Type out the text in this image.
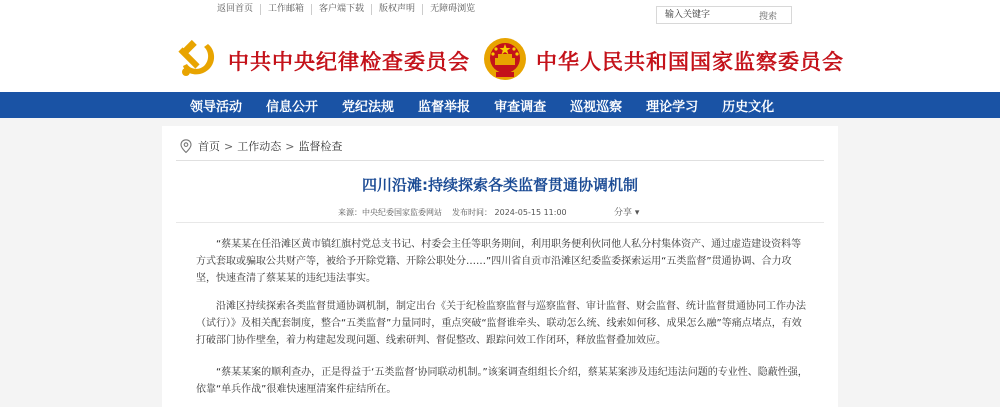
返回首页	工作邮箱	客户端下载	版权声明	无障碍浏览
输入关键字
搜索
中共中央纪律检查委员会	中华人民共和国国家监察委员会
领导活动 信息公开 党纪法规 监督举报 审查调查 巡视巡察 理论学习 历史文化
首页 > 工作动态 > 监督检查
四川沿滩:持续探索各类监督贯通协调机制
来源：中央纪委国家监委网站 发布时间： 2024-05-15 11:00	分享 ▾

“蔡某某在任沿滩区黄市镇红旗村党总支书记、村委会主任等职务期间，利用职务便利伙同他人私分村集体资产、通过虚造建设资料等方式套取或骗取公共财产等，被给予开除党籍、开除公职处分……”四川省自贡市沿滩区纪委监委探索运用“五类监督”贯通协调、合力攻坚，快速查清了蔡某某的违纪违法事实。

沿滩区持续探索各类监督贯通协调机制，制定出台《关于纪检监察监督与巡察监督、审计监督、财会监督、统计监督贯通协同工作办法（试行）》及相关配套制度，整合“五类监督”力量同时，重点突破“监督谁牵头、联动怎么统、线索如何移、成果怎么融”等痛点堵点，有效打破部门协作壁垒，着力构建起发现问题、线索研判、督促整改、跟踪问效工作闭环，释放监督叠加效应。

“蔡某某案的顺利查办，正是得益于‘五类监督’协同联动机制。”该案调查组组长介绍，蔡某某案涉及违纪违法问题的专业性、隐蔽性强，依靠“单兵作战”很难快速厘清案件症结所在。
